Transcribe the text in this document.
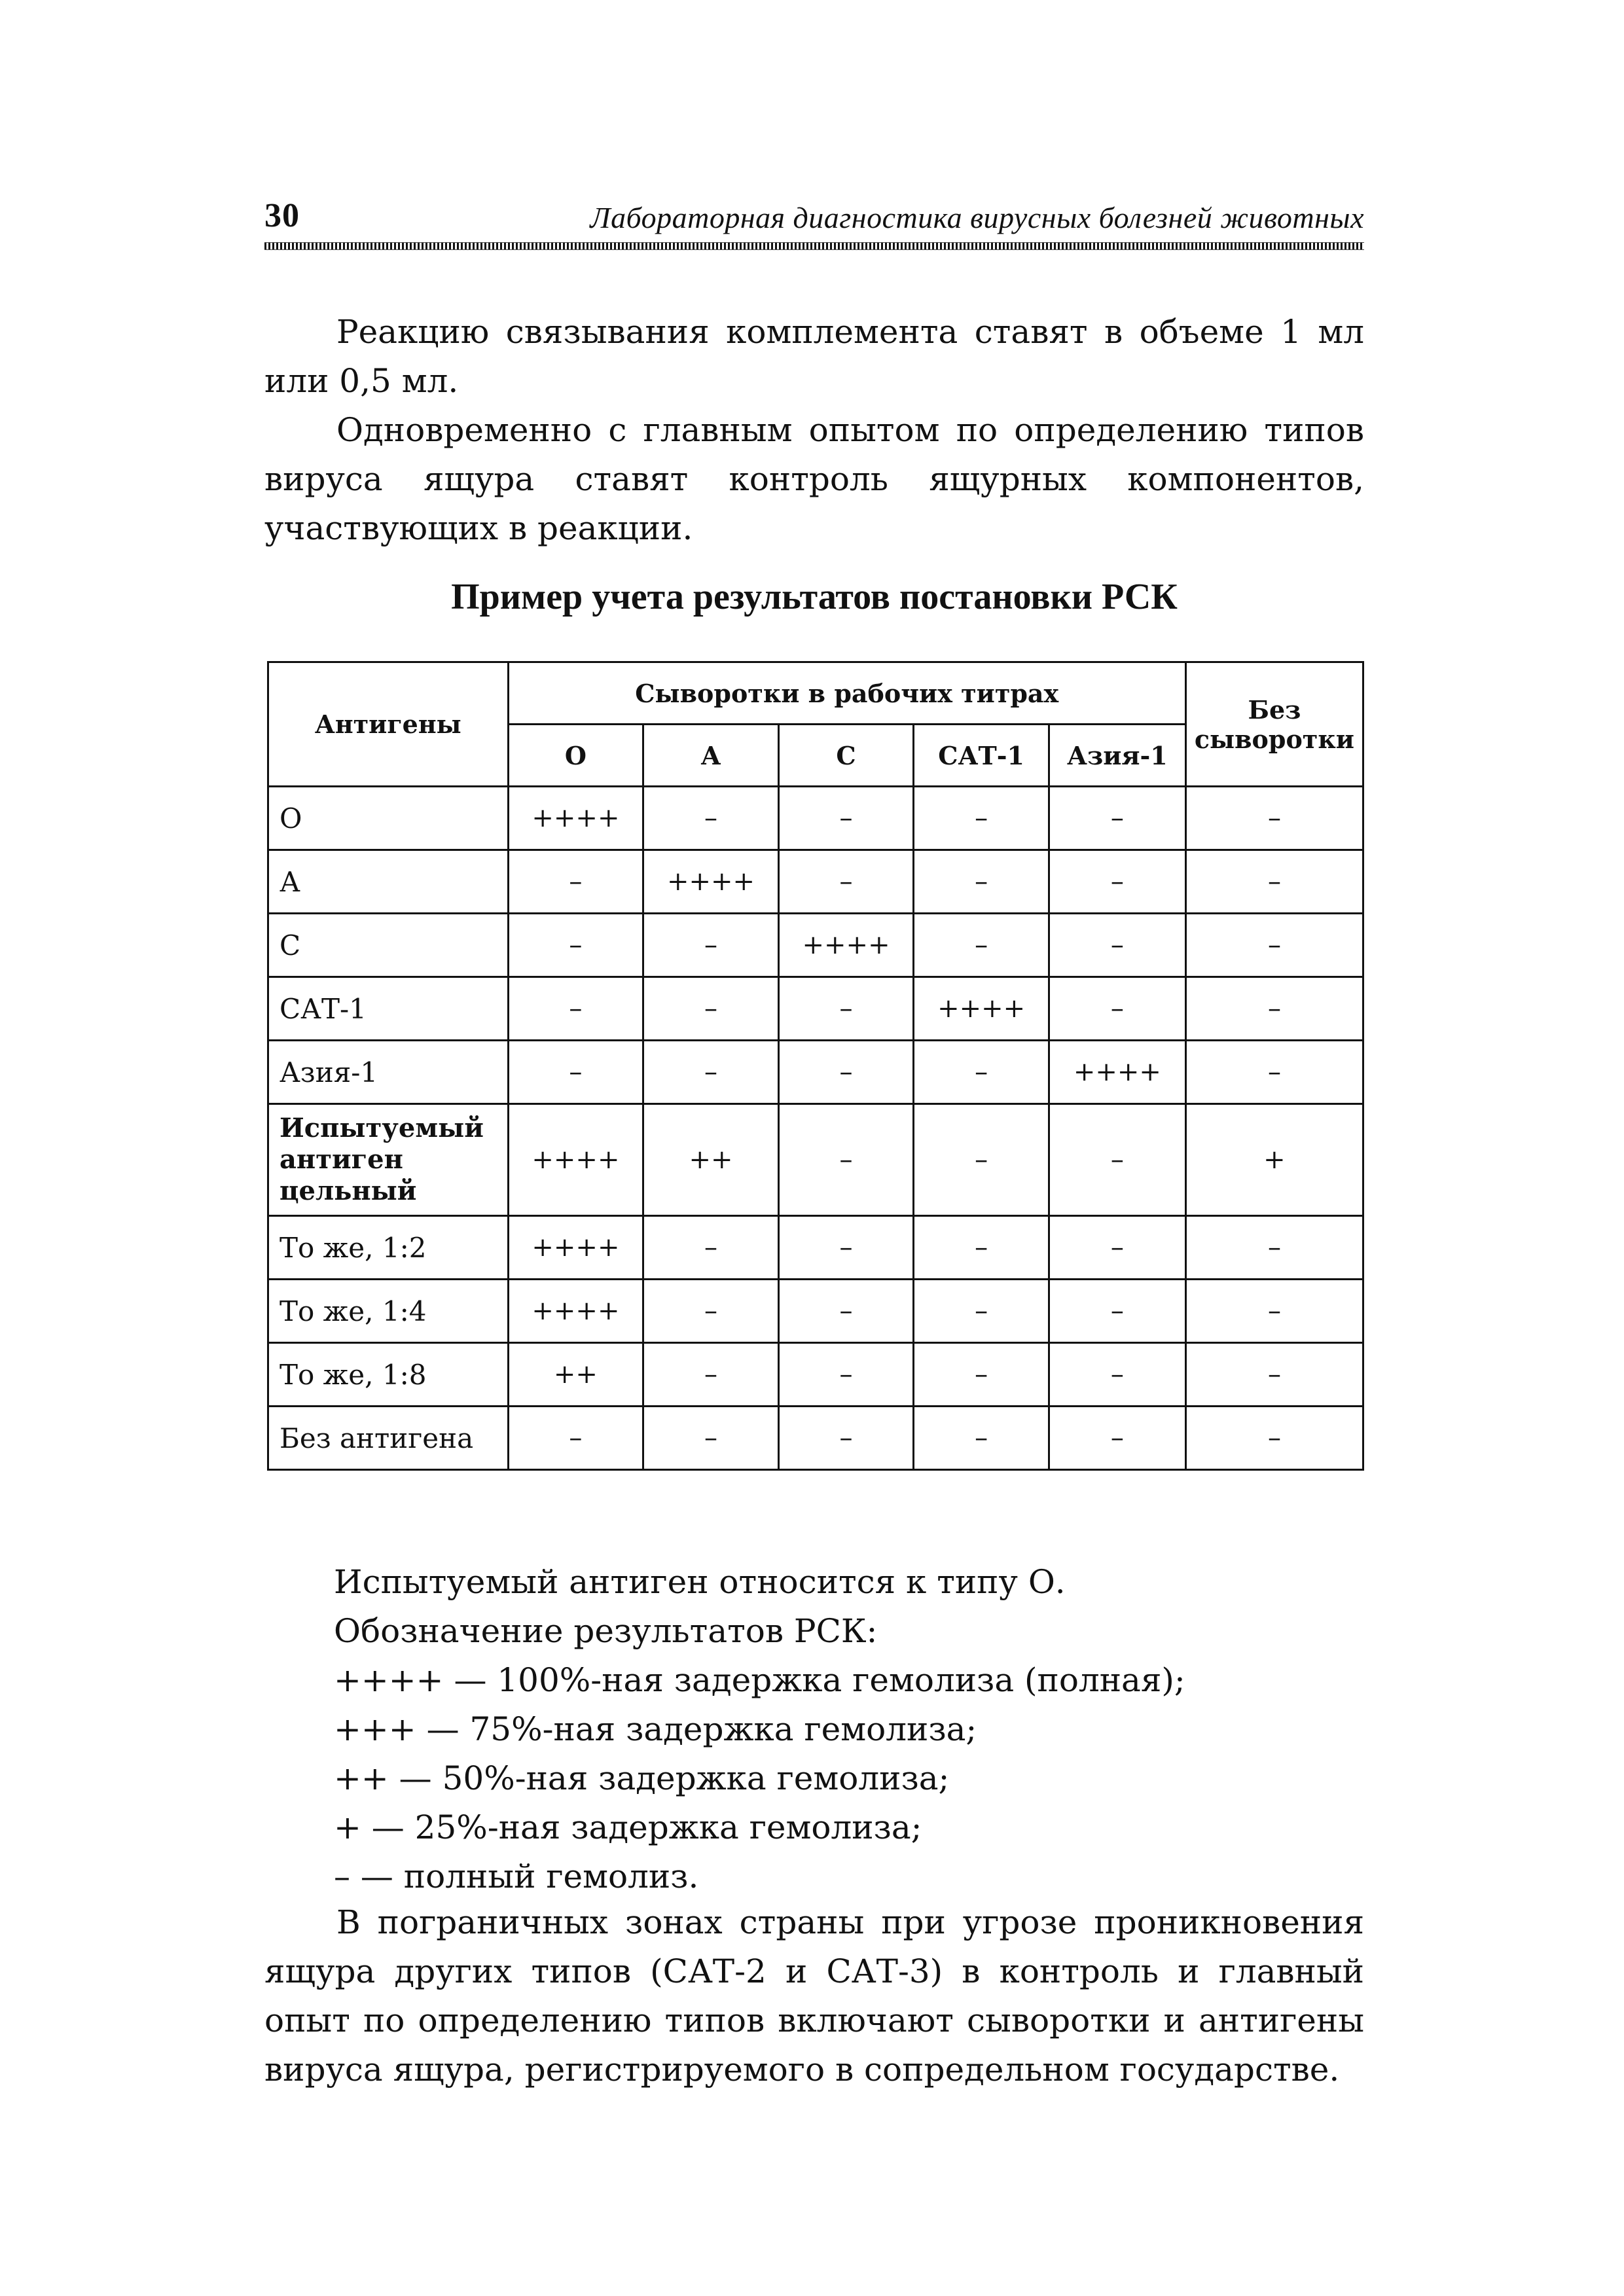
30	Лабораторная диагностика вирусных болезней животных
Реакцию связывания комплемента ставят в объеме 1 мл или 0,5 мл.
Одновременно с главным опытом по определению типов вируса ящура ставят контроль ящурных компонентов, участвующих в реакции.
Пример учета результатов постановки РСК
Антигены	Сыворотки в рабочих титрах					Без сыворотки
	О	А	С	САТ-1	Азия-1	
О	++++	–	–	–	–	–
А	–	++++	–	–	–	–
С	–	–	++++	–	–	–
САТ-1	–	–	–	++++	–	–
Азия-1	–	–	–	–	++++	–
Испытуемый антиген цельный	++++	++	–	–	–	+
То же, 1:2	++++	–	–	–	–	–
То же, 1:4	++++	–	–	–	–	–
То же, 1:8	++	–	–	–	–	–
Без антигена	–	–	–	–	–	–
Испытуемый антиген относится к типу О.
Обозначение результатов РСК:
++++ — 100%-ная задержка гемолиза (полная);
+++ — 75%-ная задержка гемолиза;
++ — 50%-ная задержка гемолиза;
+ — 25%-ная задержка гемолиза;
– — полный гемолиз.
В пограничных зонах страны при угрозе проникновения ящура других типов (САТ-2 и САТ-3) в контроль и главный опыт по определению типов включают сыворотки и антигены вируса ящура, регистрируемого в сопредельном государстве.
